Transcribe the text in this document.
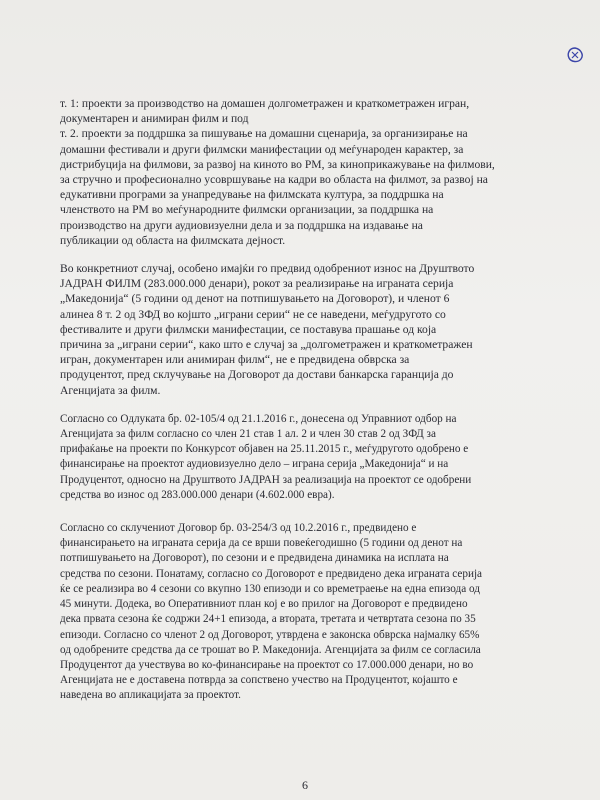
т. 1: проекти за производство на домашен долгометражен и краткометражен игран,
документарен и анимиран филм и под
т. 2. проекти за поддршка за пишување на домашни сценарија, за организирање на
домашни фестивали и други филмски манифестации од меѓународен карактер, за
дистрибуција на филмови, за развој на киното во РМ, за киноприкажување на филмови,
за стручно и професионално усовршување на кадри во областа на филмот, за развој на
едукативни програми за унапредување на филмската култура, за поддршка на
членството на РМ во меѓународните филмски организации, за поддршка на
производство на други аудиовизуелни дела и за поддршка на издавање на
публикации од областа на филмската дејност.
Во конкретниот случај, особено имајќи го предвид одобрениот износ на Друштвото
ЈАДРАН ФИЛМ (283.000.000 денари), рокот за реализирање на играната серија
„Македонија“ (5 години од денот на потпишувањето на Договорот), и членот 6
алинеа 8 т. 2 од ЗФД во којшто „играни серии“ не се наведени, меѓудругото со
фестивалите и други филмски манифестации, се поставува прашање од која
причина за „играни серии“, како што е случај за „долгометражен и краткометражен
игран, документарен или анимиран филм“, не е предвидена обврска за
продуцентот, пред склучување на Договорот да достави банкарска гаранција до
Агенцијата за филм.
Согласно со Одлуката бр. 02-105/4 од 21.1.2016 г., донесена од Управниот одбор на
Агенцијата за филм согласно со член 21 став 1 ал. 2 и член 30 став 2 од ЗФД за
прифаќање на проекти по Конкурсот објавен на 25.11.2015 г., меѓудругото одобрено е
финансирање на проектот аудиовизуелно дело – играна серија „Македонија“ и на
Продуцентот, односно на Друштвото ЈАДРАН за реализација на проектот се одобрени
средства во износ од 283.000.000 денари (4.602.000 евра).
Согласно со склучениот Договор бр. 03-254/3 од 10.2.2016 г., предвидено е
финансирањето на играната серија да се врши повеќегодишно (5 години од денот на
потпишувањето на Договорот), по сезони и е предвидена динамика на исплата на
средства по сезони. Понатаму, согласно со Договорот е предвидено дека играната серија
ќе се реализира во 4 сезони со вкупно 130 епизоди и со времетраење на една епизода од
45 минути. Додека, во Оперативниот план кој е во прилог на Договорот е предвидено
дека првата сезона ќе содржи 24+1 епизода, а втората, третата и четвртата сезона по 35
епизоди. Согласно со членот 2 од Договорот, утврдена е законска обврска најмалку 65%
од одобрените средства да се трошат во Р. Македонија. Агенцијата за филм се согласила
Продуцентот да учествува во ко-финансирање на проектот со 17.000.000 денари, но во
Агенцијата не е доставена потврда за сопствено учество на Продуцентот, којашто е
наведена во апликацијата за проектот.
6
